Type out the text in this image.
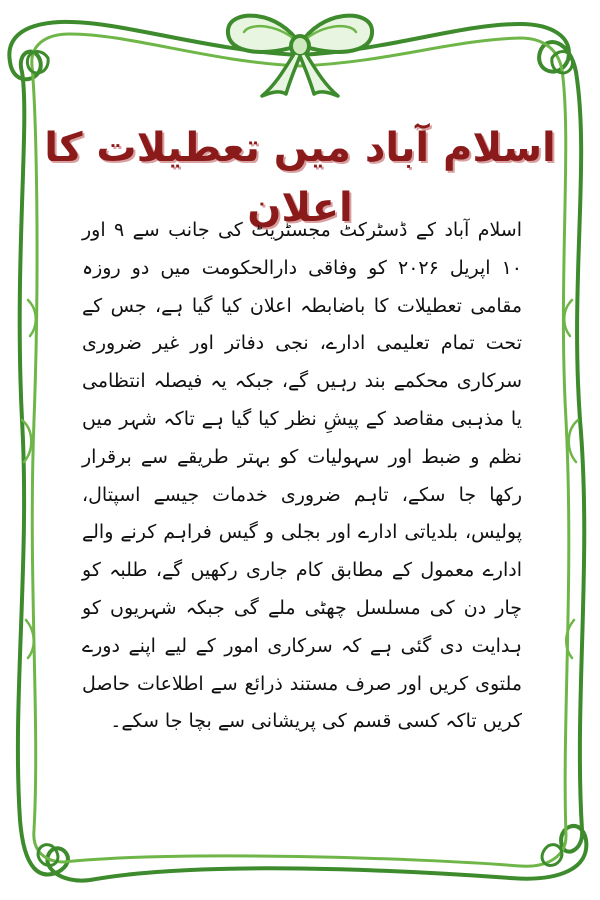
اسلام آباد میں تعطیلات کا اعلان

اسلام آباد کے ڈسٹرکٹ مجسٹریٹ کی جانب سے ۹ اور ۱۰ اپریل ۲۰۲۶ کو وفاقی دارالحکومت میں دو روزہ مقامی تعطیلات کا باضابطہ اعلان کیا گیا ہے، جس کے تحت تمام تعلیمی ادارے، نجی دفاتر اور غیر ضروری سرکاری محکمے بند رہیں گے، جبکہ یہ فیصلہ انتظامی یا مذہبی مقاصد کے پیشِ نظر کیا گیا ہے تاکہ شہر میں نظم و ضبط اور سہولیات کو بہتر طریقے سے برقرار رکھا جا سکے، تاہم ضروری خدمات جیسے اسپتال، پولیس، بلدیاتی ادارے اور بجلی و گیس فراہم کرنے والے ادارے معمول کے مطابق کام جاری رکھیں گے، طلبہ کو چار دن کی مسلسل چھٹی ملے گی جبکہ شہریوں کو ہدایت دی گئی ہے کہ سرکاری امور کے لیے اپنے دورے ملتوی کریں اور صرف مستند ذرائع سے اطلاعات حاصل کریں تاکہ کسی قسم کی پریشانی سے بچا جا سکے۔
